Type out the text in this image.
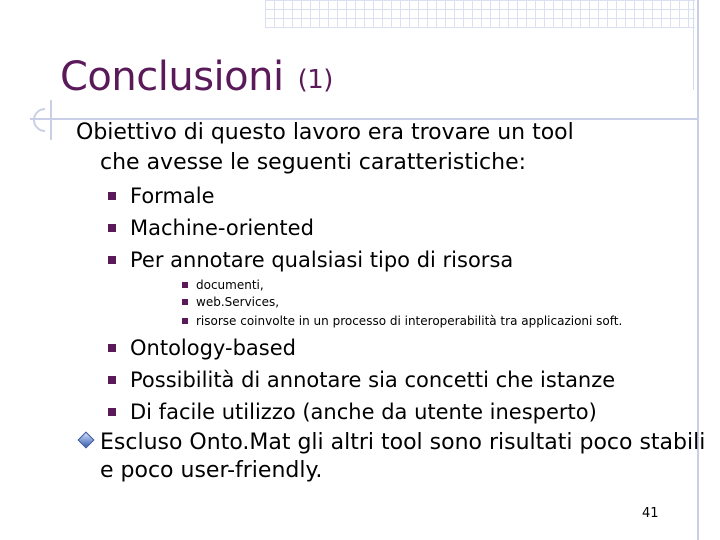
Conclusioni (1)
Obiettivo di questo lavoro era trovare un tool
che avesse le seguenti caratteristiche:
Formale
Machine-oriented
Per annotare qualsiasi tipo di risorsa
documenti,
web.Services,
risorse coinvolte in un processo di interoperabilità tra applicazioni soft.
Ontology-based
Possibilità di annotare sia concetti che istanze
Di facile utilizzo (anche da utente inesperto)
Escluso Onto.Mat gli altri tool sono risultati poco stabili
e poco user-friendly.
41
